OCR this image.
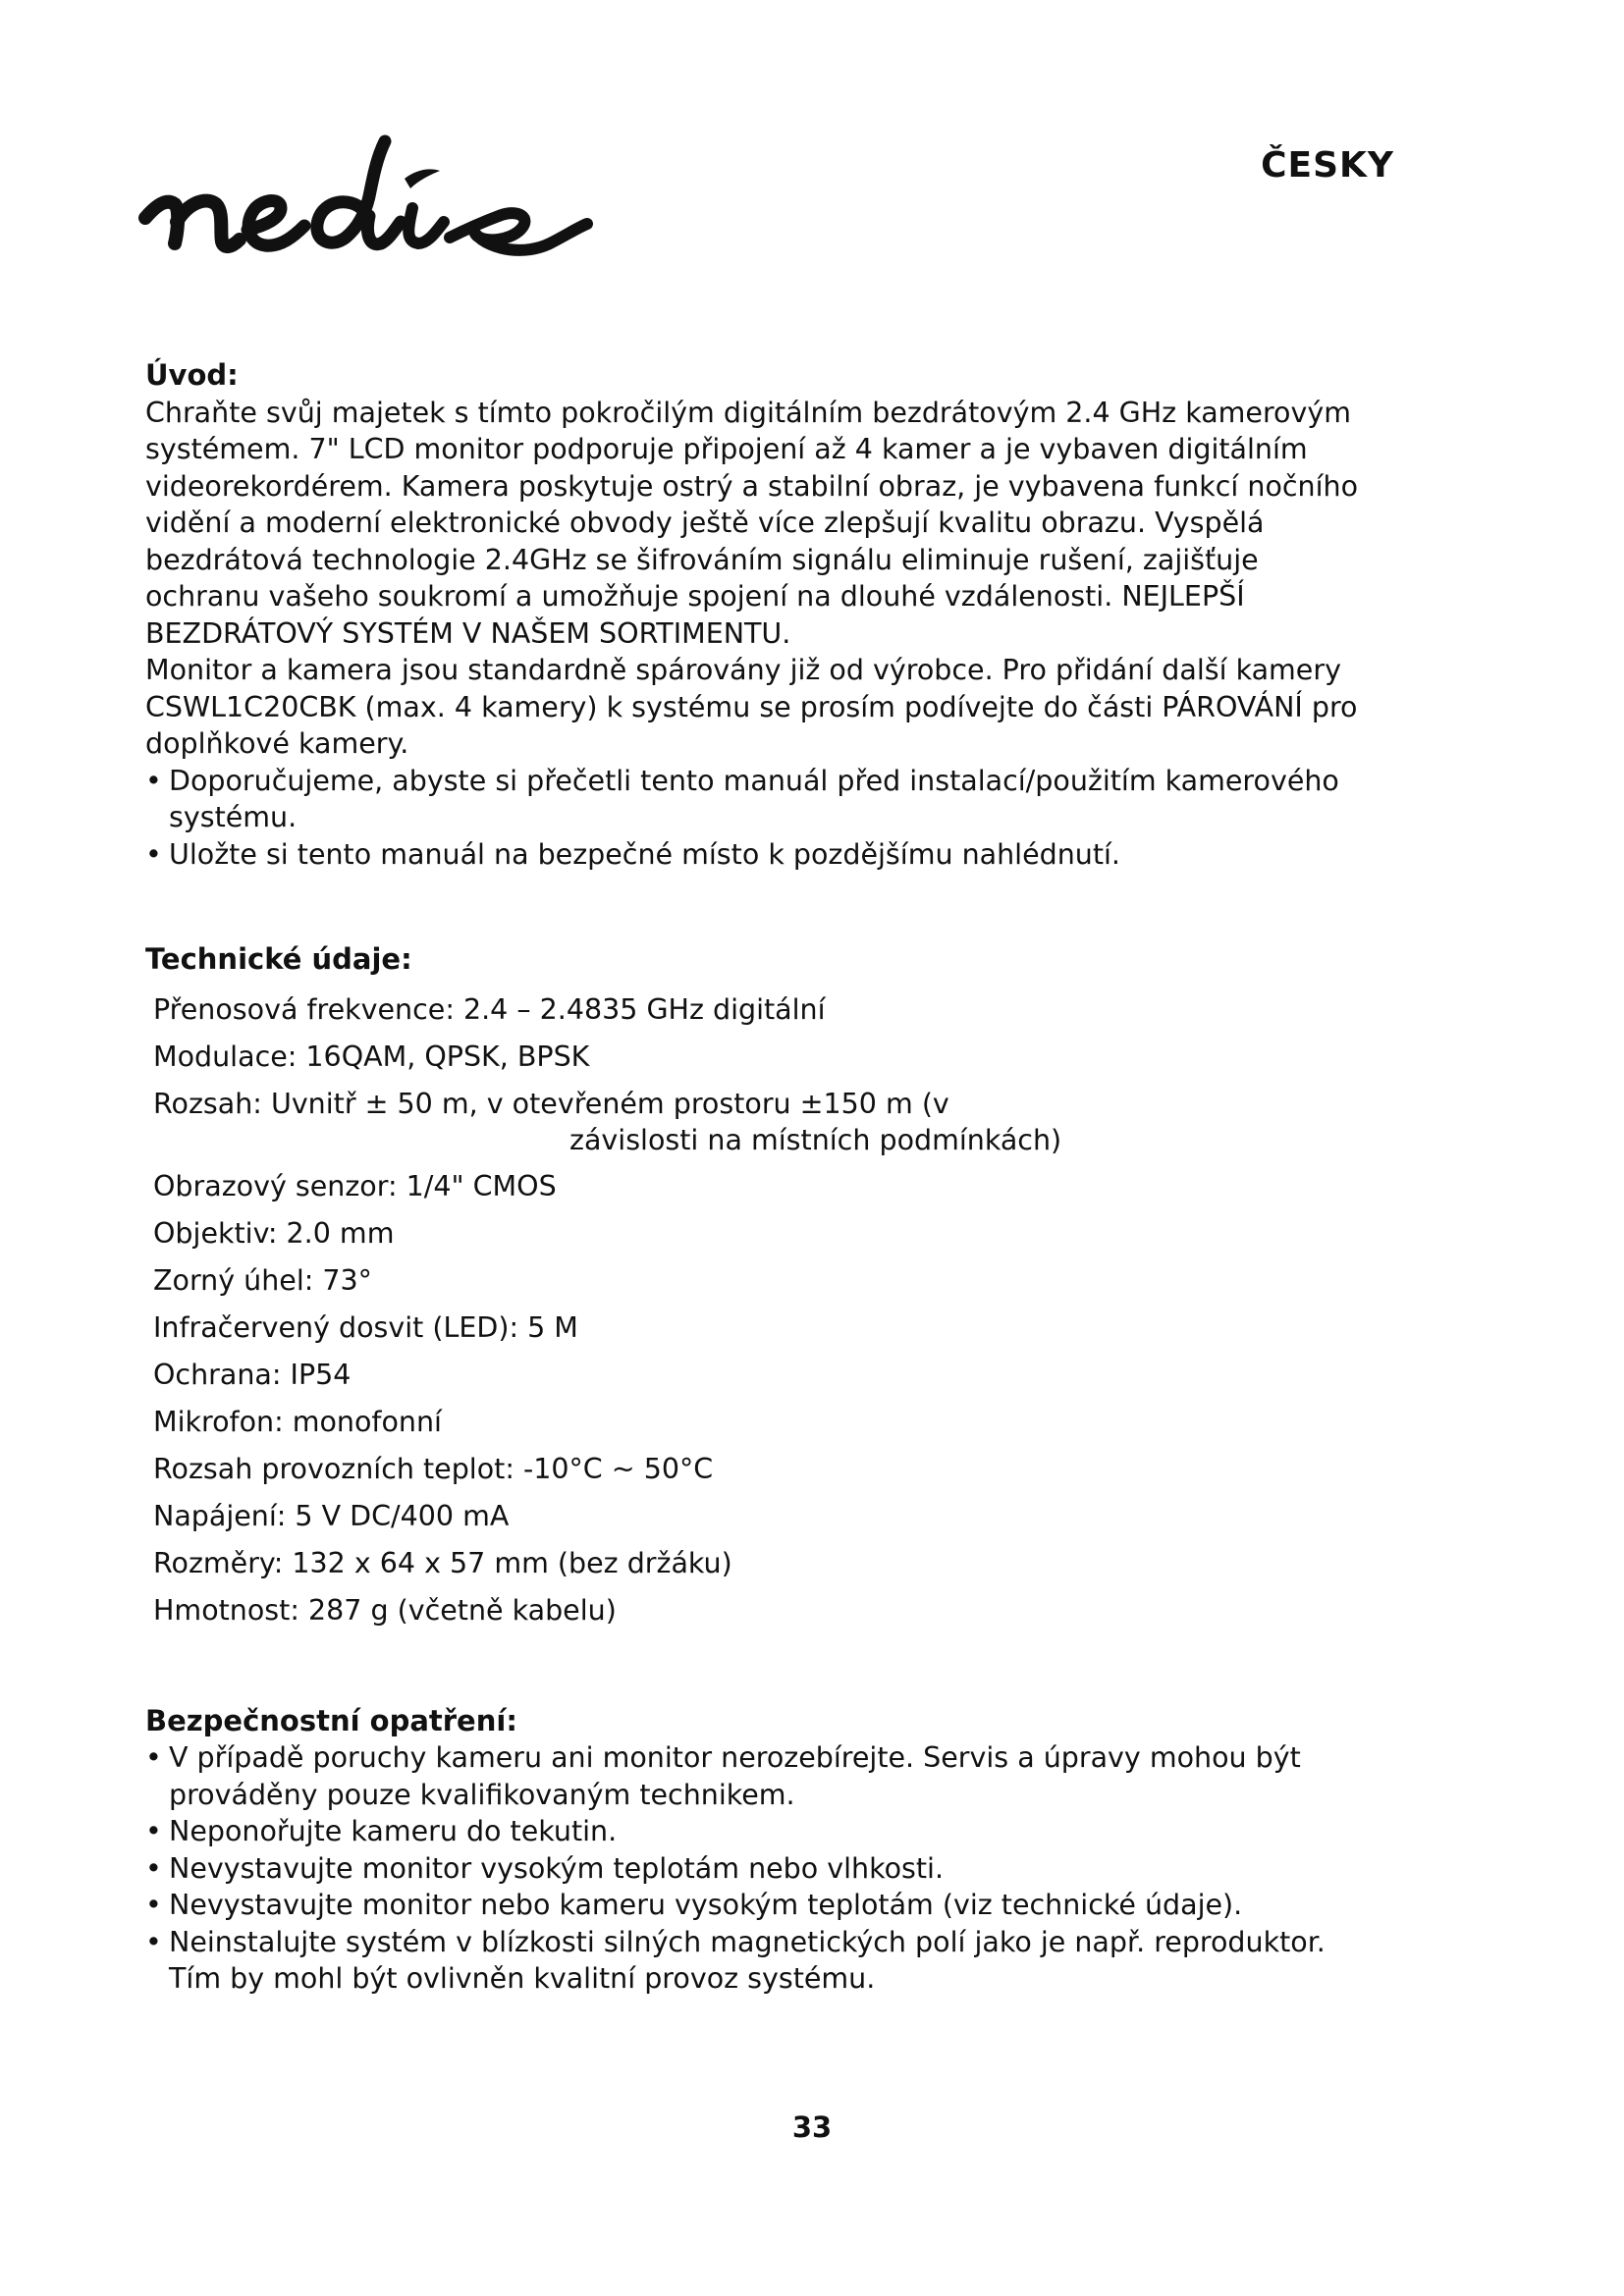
ČESKY
Úvod:

Chraňte svůj majetek s tímto pokročilým digitálním bezdrátovým 2.4 GHz kamerovým systémem. 7" LCD monitor podporuje připojení až 4 kamer a je vybaven digitálním videorekordérem. Kamera poskytuje ostrý a stabilní obraz, je vybavena funkcí nočního vidění a moderní elektronické obvody ještě více zlepšují kvalitu obrazu. Vyspělá bezdrátová technologie 2.4GHz se šifrováním signálu eliminuje rušení, zajišťuje ochranu vašeho soukromí a umožňuje spojení na dlouhé vzdálenosti. NEJLEPŠÍ BEZDRÁTOVÝ SYSTÉM V NAŠEM SORTIMENTU.

Monitor a kamera jsou standardně spárovány již od výrobce. Pro přidání další kamery CSWL1C20CBK (max. 4 kamery) k systému se prosím podívejte do části PÁROVÁNÍ pro doplňkové kamery.

• Doporučujeme, abyste si přečetli tento manuál před instalací/použitím kamerového systému.
• Uložte si tento manuál na bezpečné místo k pozdějšímu nahlédnutí.
Technické údaje:
Přenosová frekvence: 2.4 – 2.4835 GHz digitální
Modulace: 16QAM, QPSK, BPSK
Rozsah: Uvnitř ± 50 m, v otevřeném prostoru ±150 m (v
závislosti na místních podmínkách)
Obrazový senzor: 1/4" CMOS
Objektiv: 2.0 mm
Zorný úhel: 73°
Infračervený dosvit (LED): 5 M
Ochrana: IP54
Mikrofon: monofonní
Rozsah provozních teplot: -10°C ~ 50°C
Napájení: 5 V DC/400 mA
Rozměry: 132 x 64 x 57 mm (bez držáku)
Hmotnost: 287 g (včetně kabelu)
Bezpečnostní opatření:
• V případě poruchy kameru ani monitor nerozebírejte. Servis a úpravy mohou být prováděny pouze kvalifikovaným technikem.
• Neponořujte kameru do tekutin.
• Nevystavujte monitor vysokým teplotám nebo vlhkosti.
• Nevystavujte monitor nebo kameru vysokým teplotám (viz technické údaje).
• Neinstalujte systém v blízkosti silných magnetických polí jako je např. reproduktor. Tím by mohl být ovlivněn kvalitní provoz systému.
33
